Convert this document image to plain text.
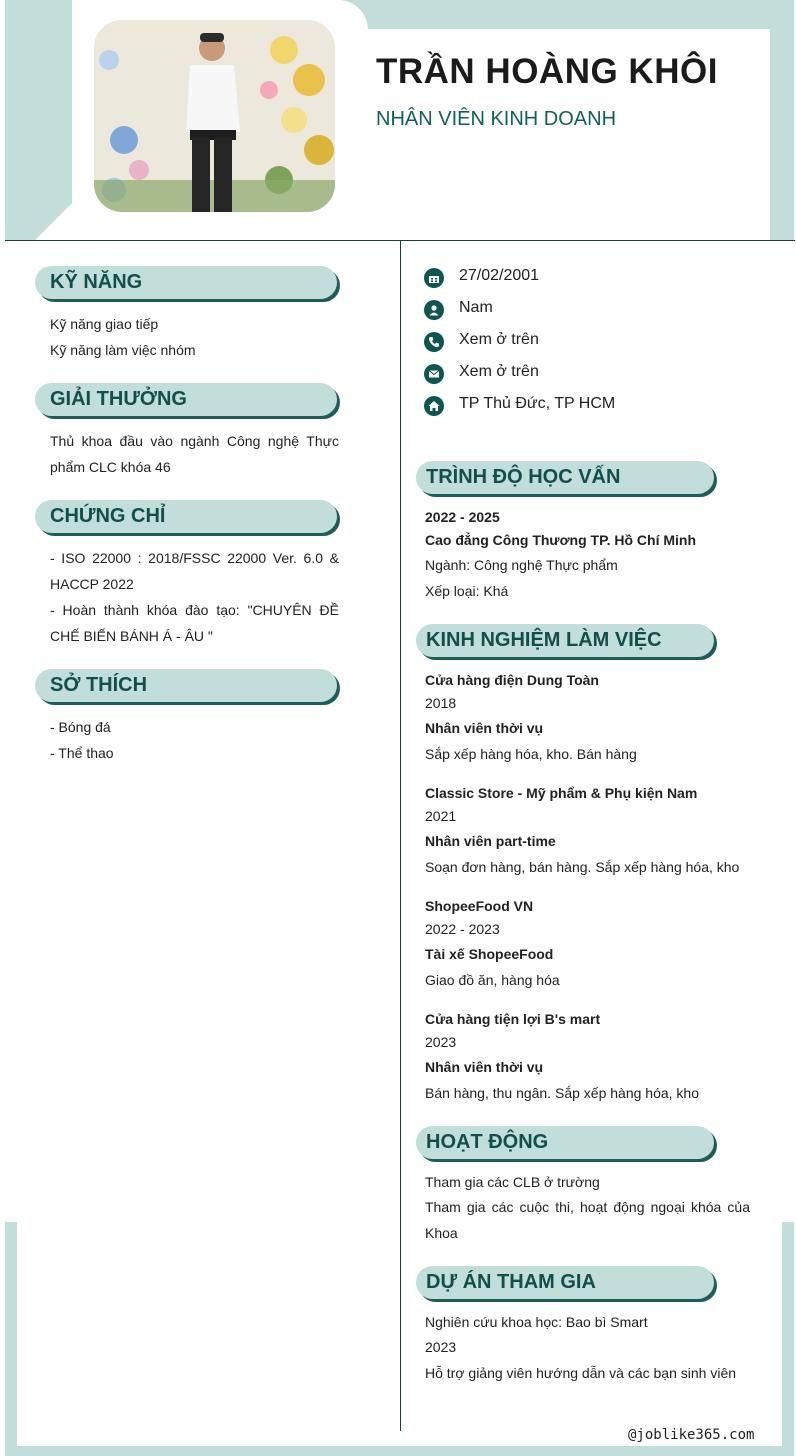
TRẦN HOÀNG KHÔI
NHÂN VIÊN KINH DOANH
KỸ NĂNG
Kỹ năng giao tiếp
Kỹ năng làm việc nhóm
GIẢI THƯỞNG
Thủ khoa đầu vào ngành Công nghệ Thực phẩm CLC khóa 46
CHỨNG CHỈ
- ISO 22000 : 2018/FSSC 22000 Ver. 6.0 & HACCP 2022
- Hoàn thành khóa đào tạo: "CHUYÊN ĐỀ CHẾ BIẾN BÁNH Á - ÂU "
SỞ THÍCH
- Bóng đá
- Thể thao
27/02/2001
Nam
Xem ở trên
Xem ở trên
TP Thủ Đức, TP HCM
TRÌNH ĐỘ HỌC VẤN
2022 - 2025
Cao đẳng Công Thương TP. Hồ Chí Minh
Ngành: Công nghệ Thực phẩm
Xếp loại: Khá
KINH NGHIỆM LÀM VIỆC
Cửa hàng điện Dung Toàn
2018
Nhân viên thời vụ
Sắp xếp hàng hóa, kho. Bán hàng
Classic Store - Mỹ phẩm & Phụ kiện Nam
2021
Nhân viên part-time
Soạn đơn hàng, bán hàng. Sắp xếp hàng hóa, kho
ShopeeFood VN
2022 - 2023
Tài xế ShopeeFood
Giao đồ ăn, hàng hóa
Cửa hàng tiện lợi B's mart
2023
Nhân viên thời vụ
Bán hàng, thu ngân. Sắp xếp hàng hóa, kho
HOẠT ĐỘNG
Tham gia các CLB ở trường
Tham gia các cuộc thi, hoạt động ngoại khóa của Khoa
DỰ ÁN THAM GIA
Nghiên cứu khoa học: Bao bì Smart
2023
Hỗ trợ giảng viên hướng dẫn và các bạn sinh viên
@joblike365.com
